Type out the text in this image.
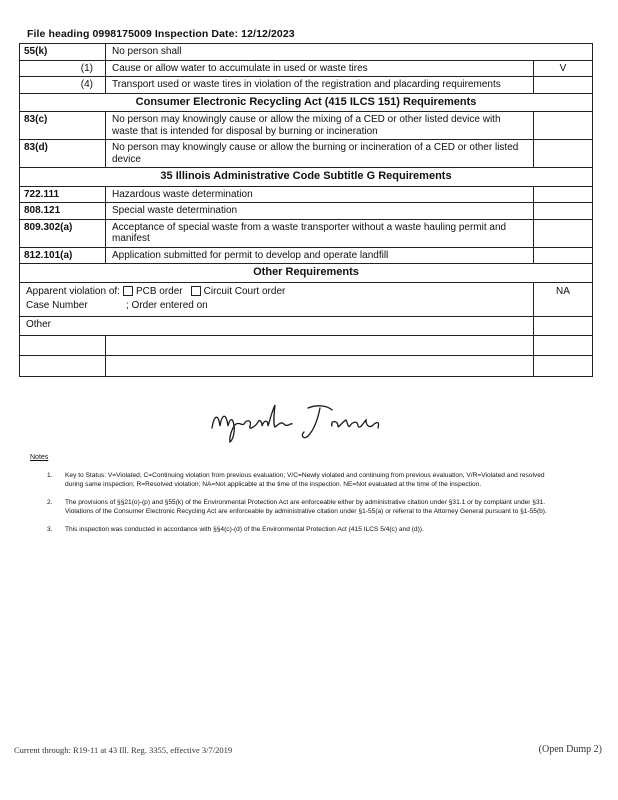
File heading 0998175009 Inspection Date: 12/12/2023
55(k)	No person shall	
(1)	Cause or allow water to accumulate in used or waste tires	V
(4)	Transport used or waste tires in violation of the registration and placarding requirements	
Consumer Electronic Recycling Act (415 ILCS 151) Requirements		
83(c)	No person may knowingly cause or allow the mixing of a CED or other listed device with waste that is intended for disposal by burning or incineration	
83(d)	No person may knowingly cause or allow the burning or incineration of a CED or other listed device	
35 Illinois Administrative Code Subtitle G Requirements		
722.111	Hazardous waste determination	
808.121	Special waste determination	
809.302(a)	Acceptance of special waste from a waste transporter without a waste hauling permit and manifest	
812.101(a)	Application submitted for permit to develop and operate landfill	
Other Requirements		

Apparent violation of: PCB order Circuit Court order
Case Number ; Order entered on		NA
Other		

Myranda Tarran
Notes
1.	Key to Status: V=Violated; C=Continuing violation from previous evaluation; V/C=Newly violated and continuing from previous evaluation, V/R=Violated and resolved during same inspection; R=Resolved violation; NA=Not applicable at the time of the inspection. NE=Not evaluated at the time of the inspection.
2.	The provisions of §§21(o)-(p) and §55(k) of the Environmental Protection Act are enforceable either by administrative citation under §31.1 or by complaint under §31. Violations of the Consumer Electronic Recycling Act are enforceable by administrative citation under §1-55(a) or referral to the Attorney General pursuant to §1-55(b).
3.	This inspection was conducted in accordance with §§4(c)-(d) of the Environmental Protection Act (415 ILCS 5/4(c) and (d)).
Current through: R19-11 at 43 Ill. Reg. 3355, effective 3/7/2019	(Open Dump 2)
